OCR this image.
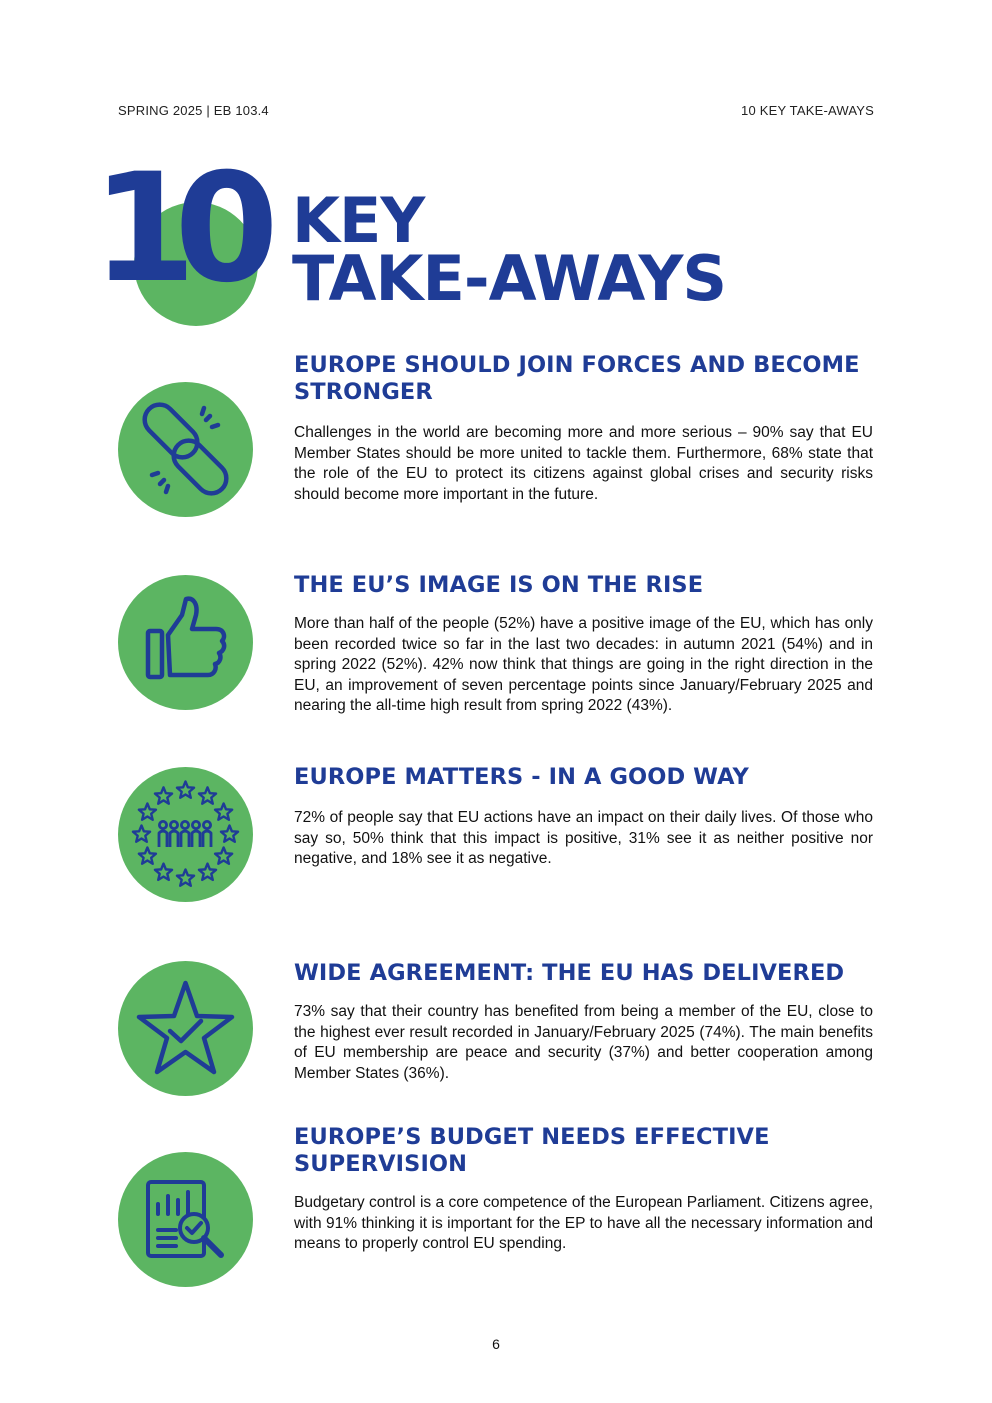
SPRING 2025 | EB 103.4	10 KEY TAKE-AWAYS
10 KEY
TAKE-AWAYS
EUROPE SHOULD JOIN FORCES AND BECOME STRONGER
Challenges in the world are becoming more and more serious – 90% say that EU Member States should be more united to tackle them. Furthermore, 68% state that the role of the EU to protect its citizens against global crises and security risks should become more important in the future.
THE EU’S IMAGE IS ON THE RISE
More than half of the people (52%) have a positive image of the EU, which has only been recorded twice so far in the last two decades: in autumn 2021 (54%) and in spring 2022 (52%). 42% now think that things are going in the right direction in the EU, an improvement of seven percentage points since January/February 2025 and nearing the all-time high result from spring 2022 (43%).
EUROPE MATTERS - IN A GOOD WAY
72% of people say that EU actions have an impact on their daily lives. Of those who say so, 50% think that this impact is positive, 31% see it as neither positive nor negative, and 18% see it as negative.
WIDE AGREEMENT: THE EU HAS DELIVERED
73% say that their country has benefited from being a member of the EU, close to the highest ever result recorded in January/February 2025 (74%). The main benefits of EU membership are peace and security (37%) and better cooperation among Member States (36%).
EUROPE’S BUDGET NEEDS EFFECTIVE SUPERVISION
Budgetary control is a core competence of the European Parliament. Citizens agree, with 91% thinking it is important for the EP to have all the necessary information and means to properly control EU spending.
6
